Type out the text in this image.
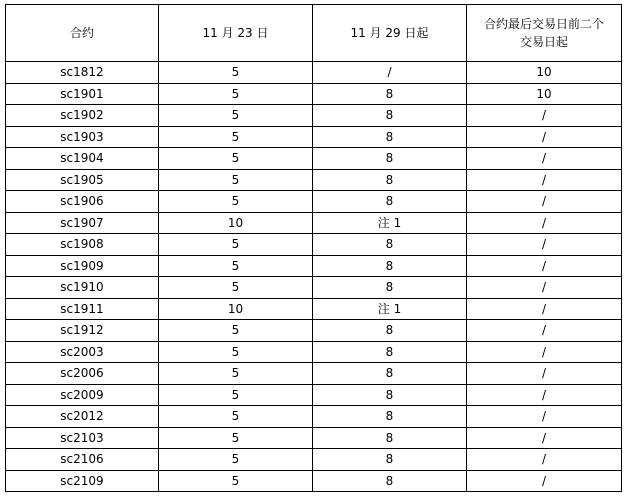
合约	11 月 23 日	11 月 29 日起	合约最后交易日前二个交易日起
sc1812	5	/	10
sc1901	5	8	10
sc1902	5	8	/
sc1903	5	8	/
sc1904	5	8	/
sc1905	5	8	/
sc1906	5	8	/
sc1907	10	注 1	/
sc1908	5	8	/
sc1909	5	8	/
sc1910	5	8	/
sc1911	10	注 1	/
sc1912	5	8	/
sc2003	5	8	/
sc2006	5	8	/
sc2009	5	8	/
sc2012	5	8	/
sc2103	5	8	/
sc2106	5	8	/
sc2109	5	8	/
